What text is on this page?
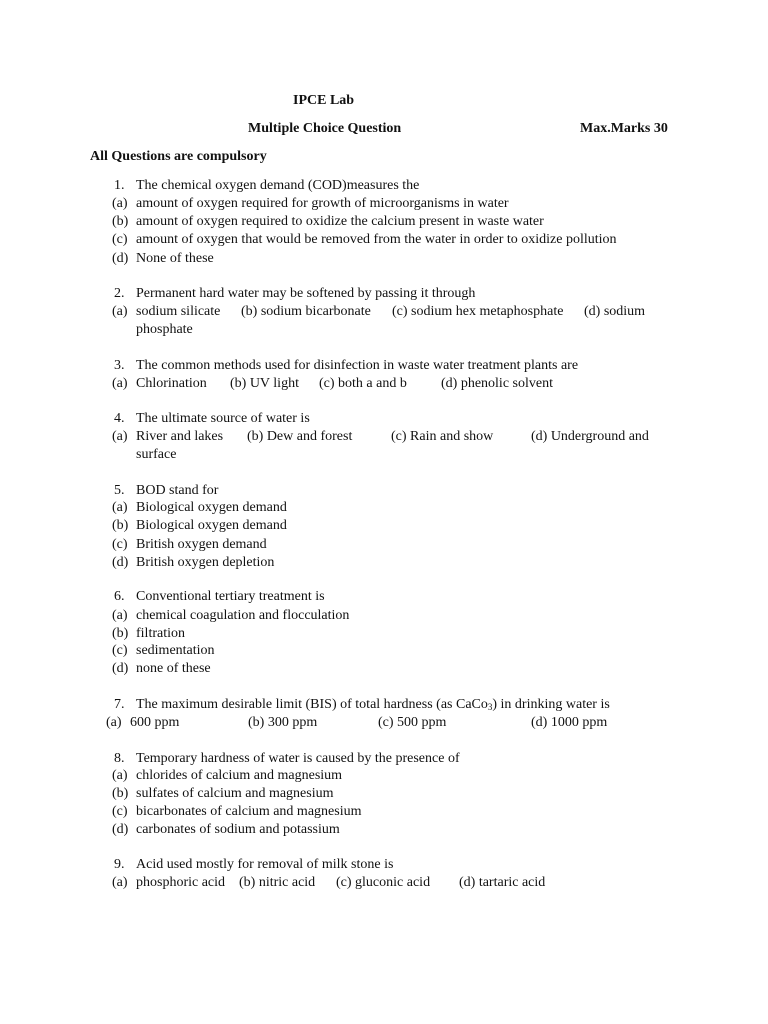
IPCE Lab
Multiple Choice Question	Max.Marks 30
All Questions are compulsory
1. The chemical oxygen demand (COD)measures the
(a) amount of oxygen required for growth of microorganisms in water
(b) amount of oxygen required to oxidize the calcium present in waste water
(c) amount of oxygen that would be removed from the water in order to oxidize pollution
(d) None of these
2. Permanent hard water may be softened by passing it through
(a) sodium silicate (b) sodium bicarbonate (c) sodium hex metaphosphate (d) sodium
phosphate
3. The common methods used for disinfection in waste water treatment plants are
(a) Chlorination (b) UV light (c) both a and b (d) phenolic solvent
4. The ultimate source of water is
(a) River and lakes (b) Dew and forest	(c) Rain and show	(d) Underground and
surface
5. BOD stand for
(a) Biological oxygen demand
(b) Biological oxygen demand
(c) British oxygen demand
(d) British oxygen depletion
6. Conventional tertiary treatment is
(a) chemical coagulation and flocculation
(b) filtration
(c) sedimentation
(d) none of these
7. The maximum desirable limit (BIS) of total hardness (as CaCo$_3$) in drinking water is
(a) 600 ppm	(b) 300 ppm	(c) 500 ppm	(d) 1000 ppm
8. Temporary hardness of water is caused by the presence of
(a) chlorides of calcium and magnesium
(b) sulfates of calcium and magnesium
(c) bicarbonates of calcium and magnesium
(d) carbonates of sodium and potassium
9. Acid used mostly for removal of milk stone is
(a) phosphoric acid (b) nitric acid (c) gluconic acid (d) tartaric acid
